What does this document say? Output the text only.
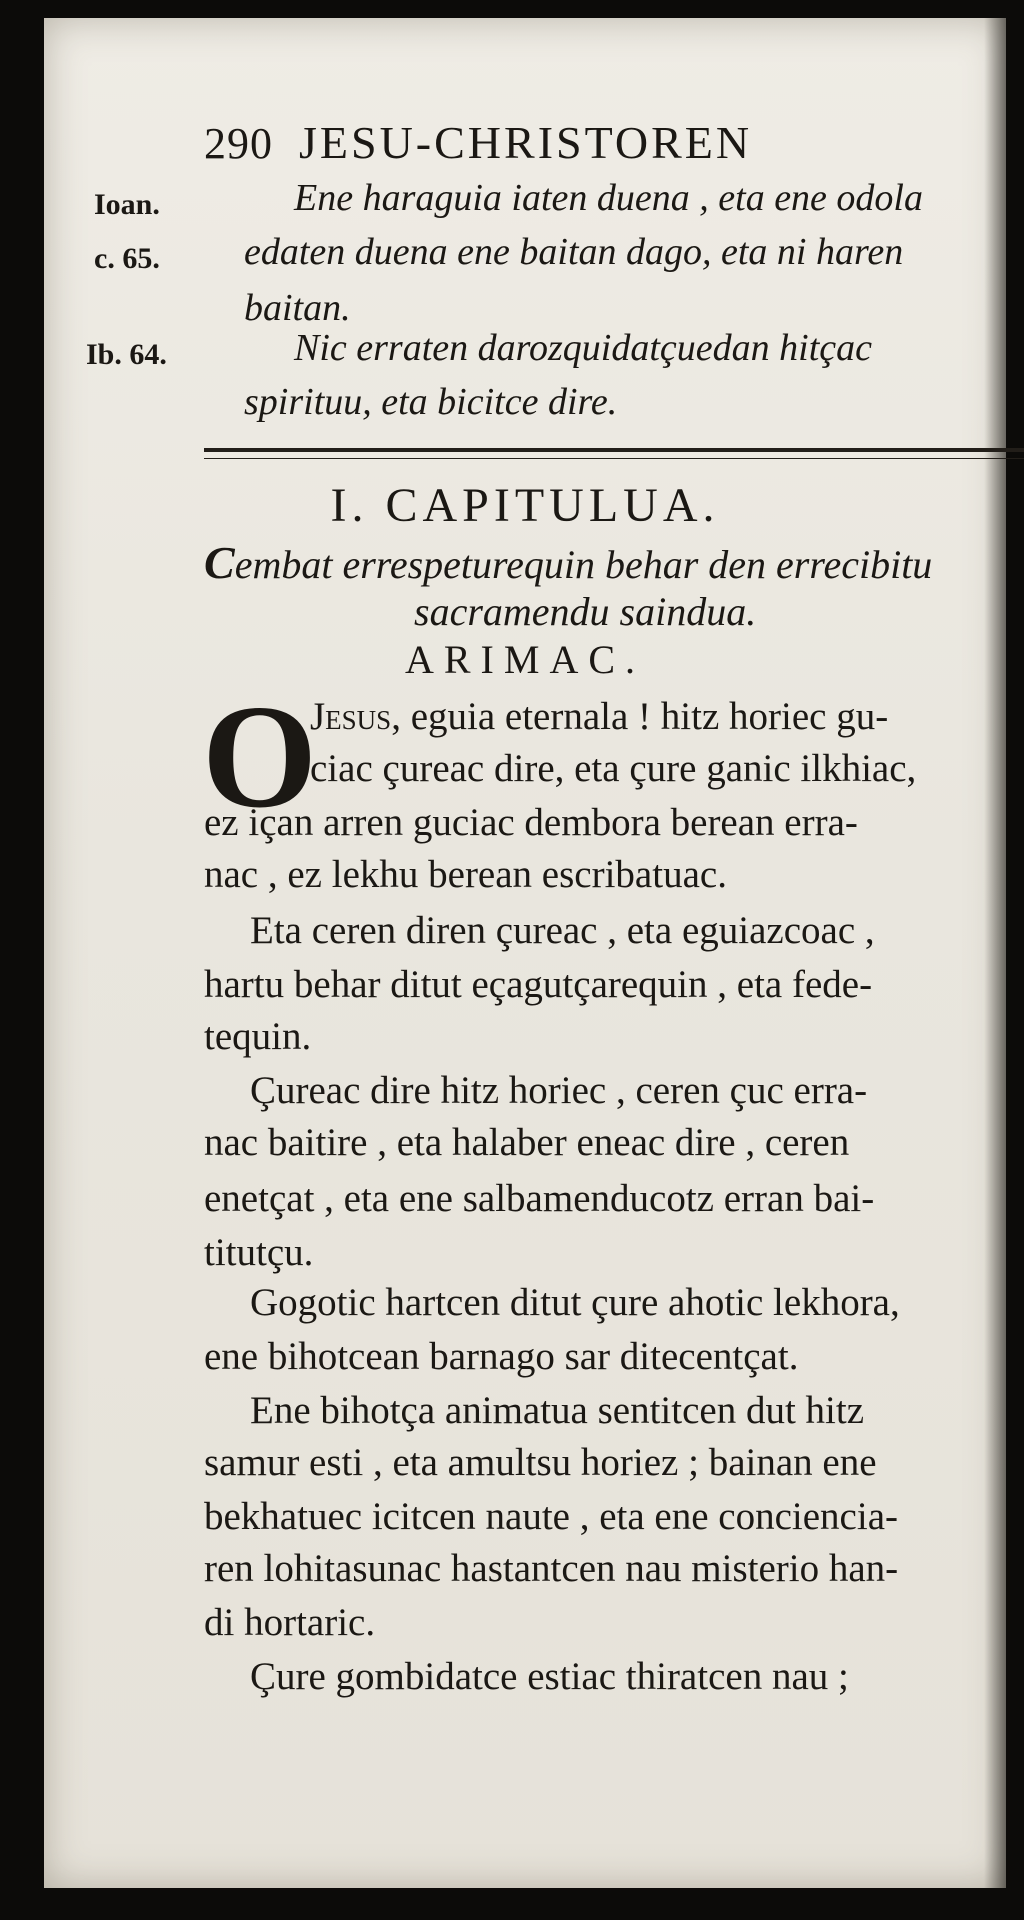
290 JESU-CHRISTOREN
Ioan.
c. 65.
Ib. 64.
Ene haraguia iaten duena , eta ene odola
edaten duena ene baitan dago, eta ni haren
baitan.
Nic erraten darozquidatçuedan hitçac
spirituu, eta bicitce dire.
I. CAPITULUA.
Cembat errespeturequin behar den errecibitu
sacramendu saindua.
ARIMAC.
O
Jesus, eguia eternala ! hitz horiec gu-
ciac çureac dire, eta çure ganic ilkhiac,
ez içan arren guciac dembora berean erra-
nac , ez lekhu berean escribatuac.
Eta ceren diren çureac , eta eguiazcoac ,
hartu behar ditut eçagutçarequin , eta fede-
tequin.
Çureac dire hitz horiec , ceren çuc erra-
nac baitire , eta halaber eneac dire , ceren
enetçat , eta ene salbamenducotz erran bai-
titutçu.
Gogotic hartcen ditut çure ahotic lekhora,
ene bihotcean barnago sar ditecentçat.
Ene bihotça animatua sentitcen dut hitz
samur esti , eta amultsu horiez ; bainan ene
bekhatuec icitcen naute , eta ene conciencia-
ren lohitasunac hastantcen nau misterio han-
di hortaric.
Çure gombidatce estiac thiratcen nau ;
